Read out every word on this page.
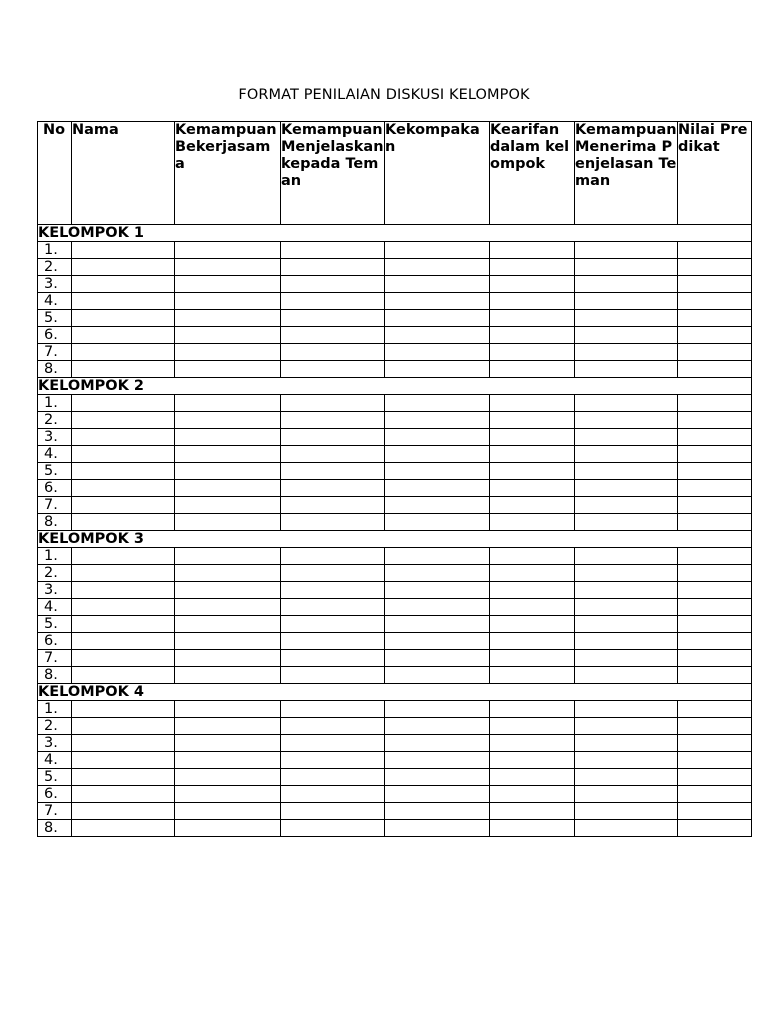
FORMAT PENILAIAN DISKUSI KELOMPOK
No	Nama	Kemampuan Bekerjasama	Kemampuan Menjelaskan kepada Teman	Kekompakan	Kearifan dalam kelompok	Kemampuan Menerima Penjelasan Teman	Nilai Predikat
KELOMPOK 1							
1.							
2.							
3.							
4.							
5.							
6.							
7.							
8.							
KELOMPOK 2							
1.							
2.							
3.							
4.							
5.							
6.							
7.							
8.							
KELOMPOK 3							
1.							
2.							
3.							
4.							
5.							
6.							
7.							
8.							
KELOMPOK 4							
1.							
2.							
3.							
4.							
5.							
6.							
7.							
8.							
